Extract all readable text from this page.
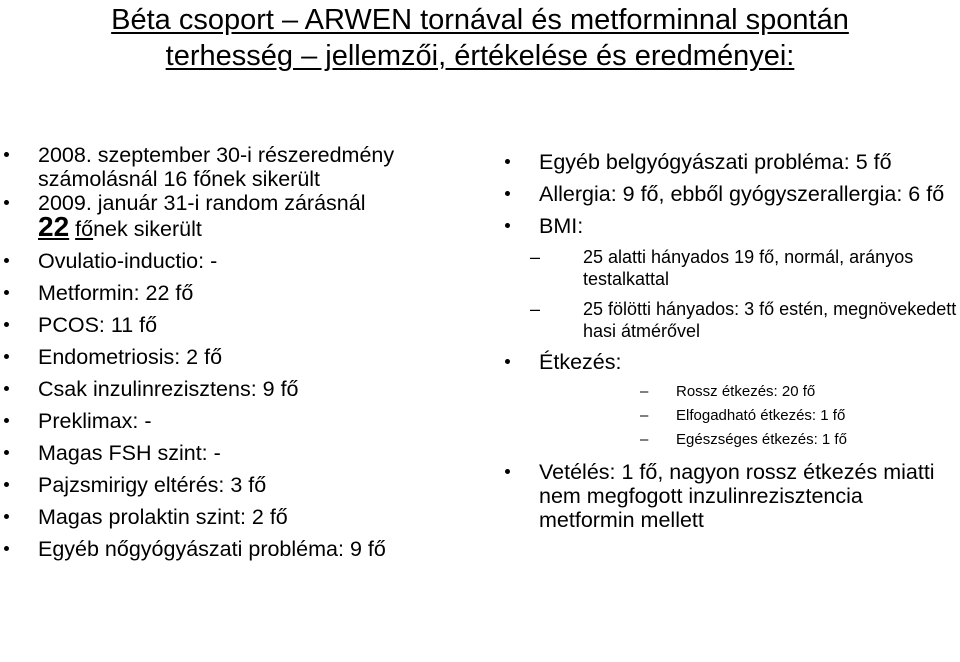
Béta csoport – ARWEN tornával és metforminnal spontán
terhesség – jellemzői, értékelése és eredményei:
2008. szeptember 30-i részeredmény számolásnál 16 főnek sikerült
2009. január 31-i random zárásnál
22 főnek sikerült
Ovulatio-inductio: -
Metformin: 22 fő
PCOS: 11 fő
Endometriosis: 2 fő
Csak inzulinrezisztens: 9 fő
Preklimax: -
Magas FSH szint: -
Pajzsmirigy eltérés: 3 fő
Magas prolaktin szint: 2 fő
Egyéb nőgyógyászati probléma: 9 fő
Egyéb belgyógyászati probléma: 5 fő
Allergia: 9 fő, ebből gyógyszerallergia: 6 fő
BMI:
– 25 alatti hányados 19 fő, normál, arányos testalkattal
– 25 fölötti hányados: 3 fő estén, megnövekedett hasi átmérővel
Étkezés:
– Rossz étkezés: 20 fő
– Elfogadható étkezés: 1 fő
– Egészséges étkezés: 1 fő
Vetélés: 1 fő, nagyon rossz étkezés miatti nem megfogott inzulinrezisztencia metformin mellett
